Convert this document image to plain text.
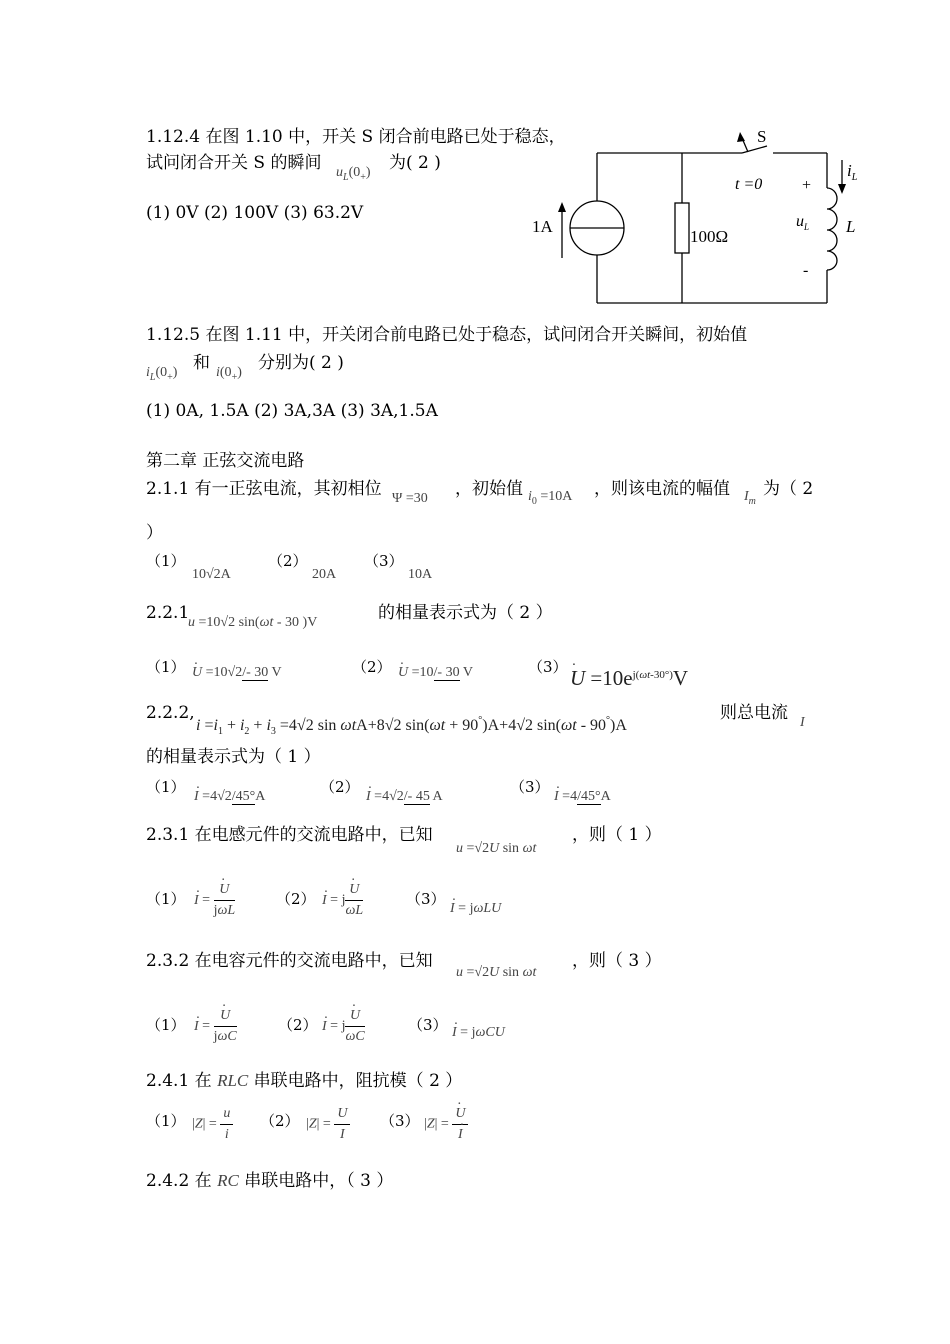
1.12.4 在图 1.10 中，开关 S 闭合前电路已处于稳态，
试问闭合开关 S 的瞬间 $u_L(0_+)$ 为( 2 )
(1) 0V (2) 100V (3) 63.2V
1A
100Ω
S
t =0
$i_L$
+
$u_L$
-
L
1.12.5 在图 1.11 中，开关闭合前电路已处于稳态，试问闭合开关瞬间，初始值
$i_L(0_+)$ 和 $i(0_+)$ 分别为( 2 )
(1) 0A, 1.5A (2) 3A,3A (3) 3A,1.5A
第二章 正弦交流电路
2.1.1 有一正弦电流，其初相位 Ψ =30 ，初始值 $i_0 =10A$ ，则该电流的幅值 $I_m$
为（ 2
）
（1）
10√2A
（2）
20A
（3）
10A
2.2.1
u =10√2 sin(ωt - 30 )V	的相量表示式为（ 2 ）
（1）
· U =10√2/- 30 V	（2）
· U =10/- 30 V	（3）
· $U =10e^{j(\omega t-30^\circ)}V$
2.2.2,
$i =i_1 + i_2 + i_3 =4√2$ sin ωtA+8√2 sin(ωt + 90°)A+4√2 sin(ωt - 90°)A
则总电流 I
的相量表示式为（ 1 ）
（1）
· I =4√2/45°A
（2）
· I =4√2/- 45 A
（3）
· I =4/45°A
2.3.1 在电感元件的交流电路中，已知
u =√2U sin ωt
，则（ 1 ）
（1）
· I =
· $\frac{U}{\text{jωL}}$	（2）
· I = j
· $\frac{U}{\omega L}$	（3）
· I = jωLU
2.3.2 在电容元件的交流电路中，已知
u =√2U sin ωt
，则（ 3 ）
（1）
· I =
· $\frac{U}{\text{jωC}}$	（2）
· I = j
· $\frac{U}{\omega C}$	（3）
· I = jωCU
2.4.1 在 RLC 串联电路中，阻抗模（ 2 ）
（1） $|Z| = \frac{u}{i} (2) |Z| = \frac{U}{I} (3) |Z|$ =
· U
· I
2.4.2 在 RC 串联电路中，（ 3 ）
